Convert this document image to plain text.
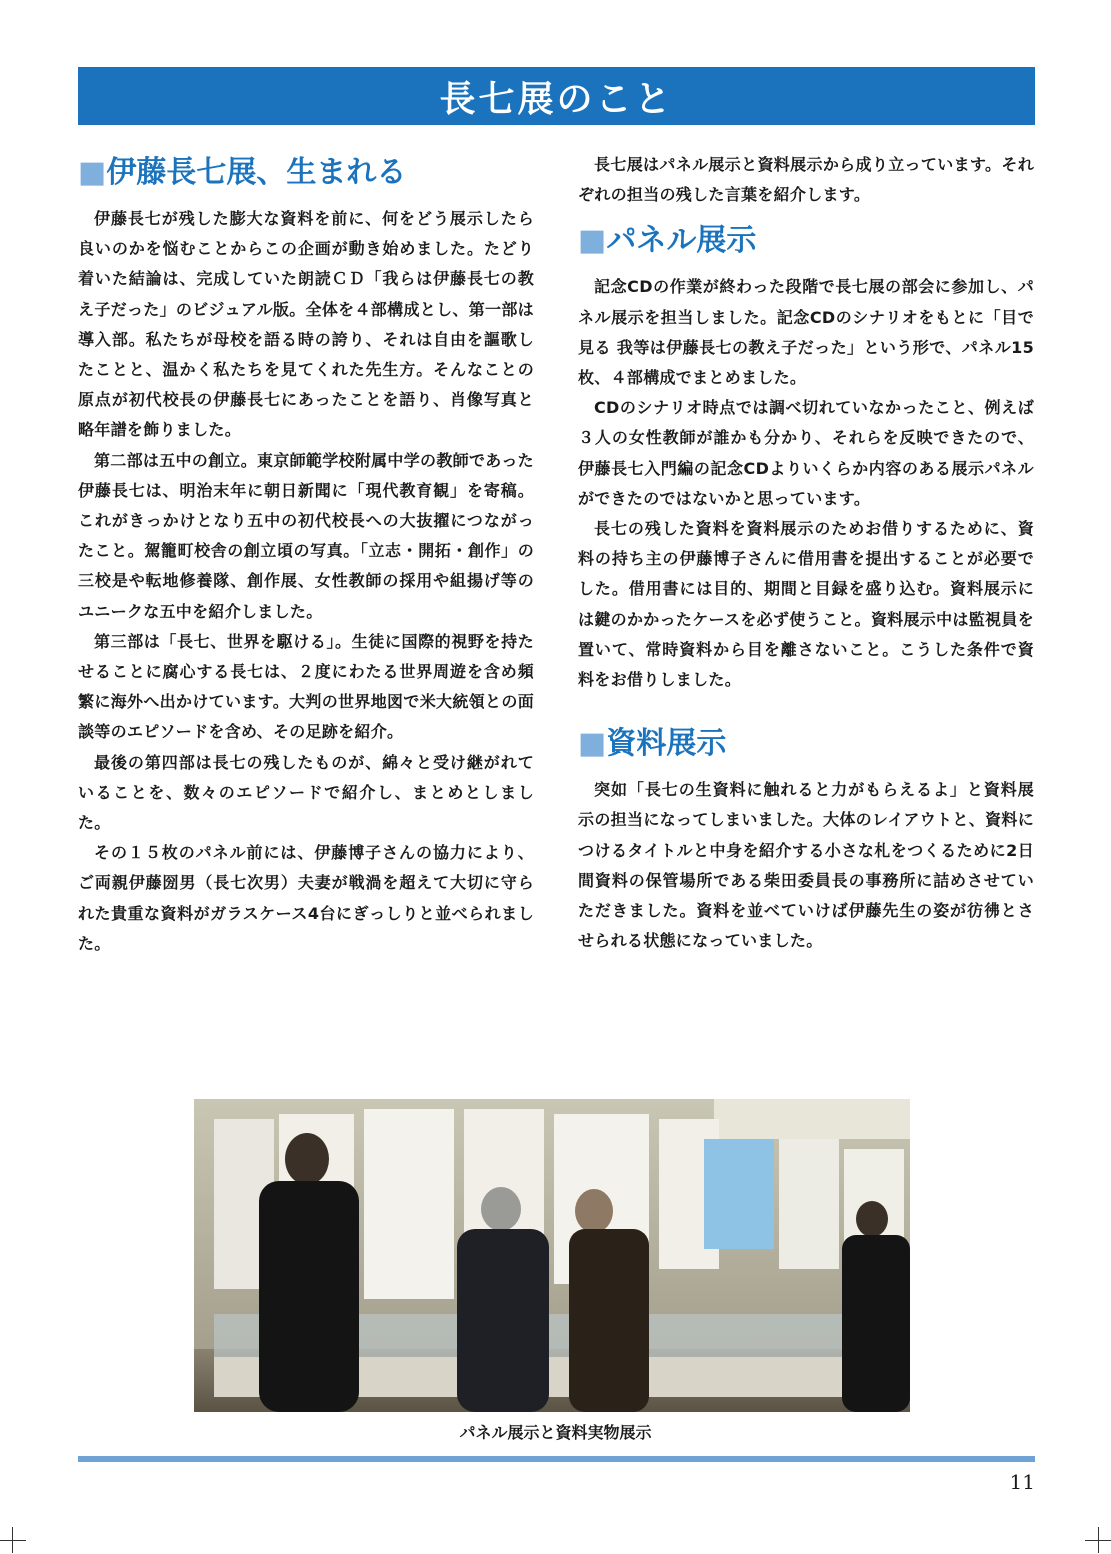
長七展のこと
■伊藤長七展、生まれる

伊藤長七が残した膨大な資料を前に、何をどう展示したら良いのかを悩むことからこの企画が動き始めました。たどり着いた結論は、完成していた朗読ＣＤ「我らは伊藤長七の教え子だった」のビジュアル版。全体を４部構成とし、第一部は導入部。私たちが母校を語る時の誇り、それは自由を謳歌したことと、温かく私たちを見てくれた先生方。そんなことの原点が初代校長の伊藤長七にあったことを語り、肖像写真と略年譜を飾りました。

第二部は五中の創立。東京師範学校附属中学の教師であった伊藤長七は、明治末年に朝日新聞に「現代教育観」を寄稿。これがきっかけとなり五中の初代校長への大抜擢につながったこと。駕籠町校舎の創立頃の写真。「立志・開拓・創作」の三校是や転地修養隊、創作展、女性教師の採用や組揚げ等のユニークな五中を紹介しました。

第三部は「長七、世界を駆ける」。生徒に国際的視野を持たせることに腐心する長七は、２度にわたる世界周遊を含め頻繁に海外へ出かけています。大判の世界地図で米大統領との面談等のエピソードを含め、その足跡を紹介。

最後の第四部は長七の残したものが、綿々と受け継がれていることを、数々のエピソードで紹介し、まとめとしました。

その１５枚のパネル前には、伊藤博子さんの協力により、ご両親伊藤圀男（長七次男）夫妻が戦渦を超えて大切に守られた貴重な資料がガラスケース4台にぎっしりと並べられました。

長七展はパネル展示と資料展示から成り立っています。それぞれの担当の残した言葉を紹介します。

■パネル展示

記念CDの作業が終わった段階で長七展の部会に参加し、パネル展示を担当しました。記念CDのシナリオをもとに「目で見る 我等は伊藤長七の教え子だった」という形で、パネル15 枚、４部構成でまとめました。

CDのシナリオ時点では調べ切れていなかったこと、例えば３人の女性教師が誰かも分かり、それらを反映できたので、伊藤長七入門編の記念CDよりいくらか内容のある展示パネルができたのではないかと思っています。

長七の残した資料を資料展示のためお借りするために、資料の持ち主の伊藤博子さんに借用書を提出することが必要でした。借用書には目的、期間と目録を盛り込む。資料展示には鍵のかかったケースを必ず使うこと。資料展示中は監視員を置いて、常時資料から目を離さないこと。こうした条件で資料をお借りしました。

■資料展示

突如「長七の生資料に触れると力がもらえるよ」と資料展示の担当になってしまいました。大体のレイアウトと、資料につけるタイトルと中身を紹介する小さな札をつくるために2日間資料の保管場所である柴田委員長の事務所に詰めさせていただきました。資料を並べていけば伊藤先生の姿が彷彿とさせられる状態になっていました。

パネル展示と資料実物展示
11
